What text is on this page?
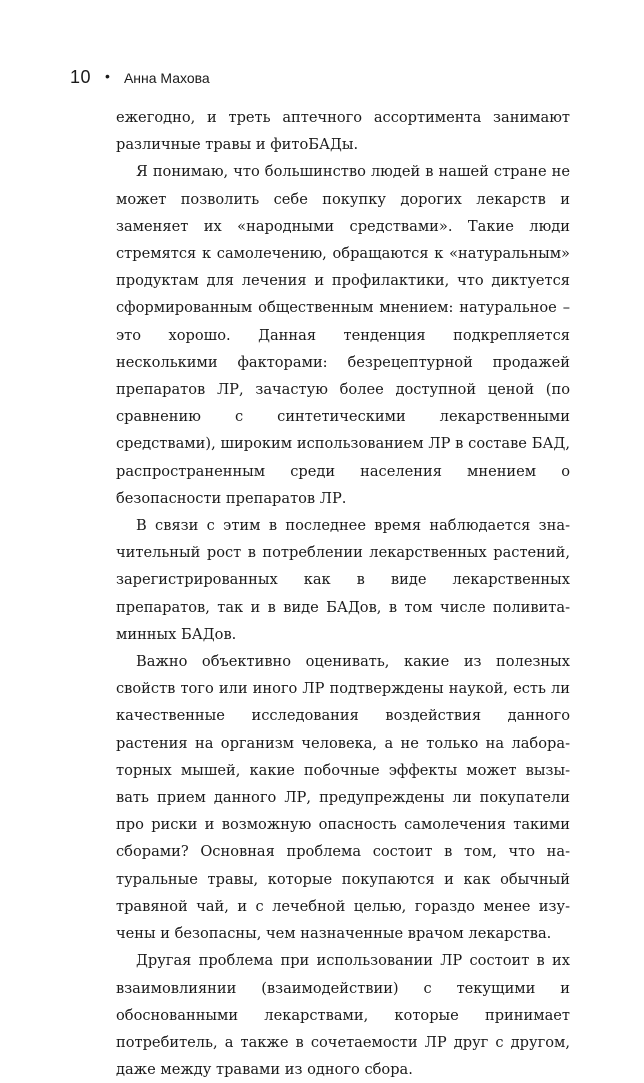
10 • Анна Махова

ежегодно, и треть аптечного ассортимента занимают различные травы и фитоБАДы.

Я понимаю, что большинство людей в нашей стране не может позволить себе покупку дорогих лекарств и заменяет их «народными средствами». Такие люди стремятся к самолечению, обращаются к «натуральным» продуктам для лечения и профилактики, что диктуется сформированным общественным мнением: натуральное – это хорошо. Данная тенденция подкрепляется несколькими факторами: безрецептурной продажей препаратов ЛР, зачастую более доступной ценой (по сравнению с синтетическими лекарственными средствами), широким использованием ЛР в составе БАД, распространенным среди населения мнением о безопасности препаратов ЛР.

В связи с этим в последнее время наблюдается значительный рост в потреблении лекарственных растений, зарегистрированных как в виде лекарственных препаратов, так и в виде БАДов, в том числе поливитаминных БАДов.

Важно объективно оценивать, какие из полезных свойств того или иного ЛР подтверждены наукой, есть ли качественные исследования воздействия данного растения на организм человека, а не только на лабораторных мышей, какие побочные эффекты может вызывать прием данного ЛР, предупреждены ли покупатели про риски и возможную опасность самолечения такими сборами? Основная проблема состоит в том, что натуральные травы, которые покупаются и как обычный травяной чай, и с лечебной целью, гораздо менее изучены и безопасны, чем назначенные врачом лекарства.

Другая проблема при использовании ЛР состоит в их взаимовлиянии (взаимодействии) с текущими и обоснованными лекарствами, которые принимает потребитель, а также в сочетаемости ЛР друг с другом, даже между травами из одного сбора.
